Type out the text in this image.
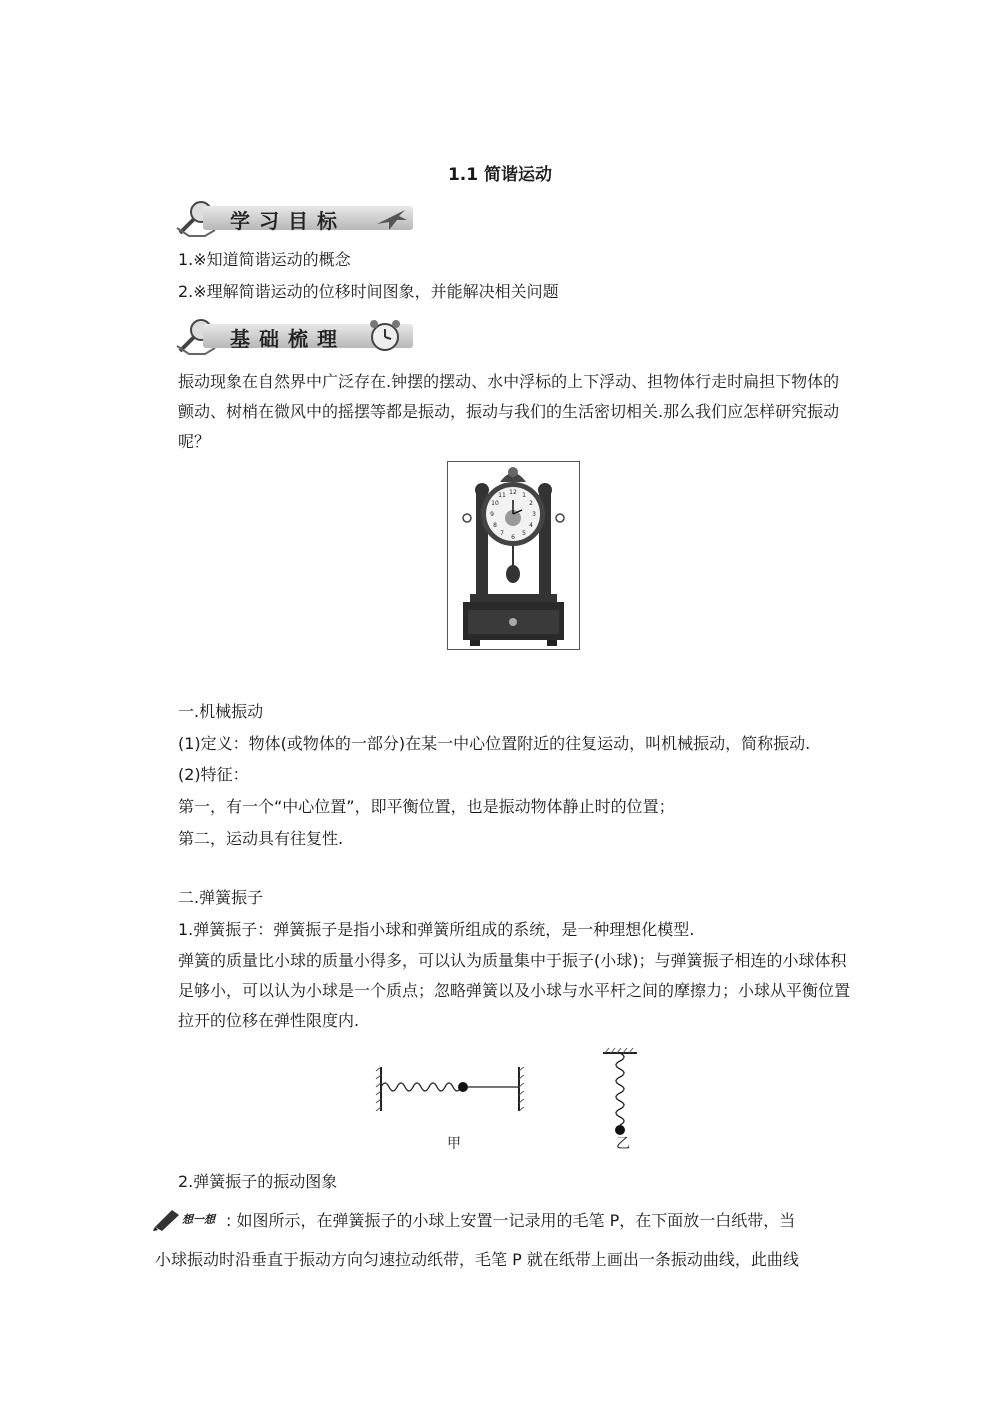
1.1 简谐运动
学习目标
1.※知道简谐运动的概念
2.※理解简谐运动的位移时间图象，并能解决相关问题
基础梳理
振动现象在自然界中广泛存在.钟摆的摆动、水中浮标的上下浮动、担物体行走时扁担下物体的颤动、树梢在微风中的摇摆等都是振动，振动与我们的生活密切相关.那么我们应怎样研究振动呢？
12 1
2
3
4
5
6
7
8
9
10
11
一.机械振动
(1)定义：物体(或物体的一部分)在某一中心位置附近的往复运动，叫机械振动，简称振动.
(2)特征：
第一，有一个“中心位置”，即平衡位置，也是振动物体静止时的位置；
第二，运动具有往复性.
二.弹簧振子
1.弹簧振子：弹簧振子是指小球和弹簧所组成的系统，是一种理想化模型.
弹簧的质量比小球的质量小得多，可以认为质量集中于振子(小球)；与弹簧振子相连的小球体积足够小，可以认为小球是一个质点；忽略弹簧以及小球与水平杆之间的摩擦力；小球从平衡位置拉开的位移在弹性限度内.
甲	乙
2.弹簧振子的振动图象
想一想 : 如图所示，在弹簧振子的小球上安置一记录用的毛笔 P，在下面放一白纸带，当
小球振动时沿垂直于振动方向匀速拉动纸带，毛笔 P 就在纸带上画出一条振动曲线，此曲线
